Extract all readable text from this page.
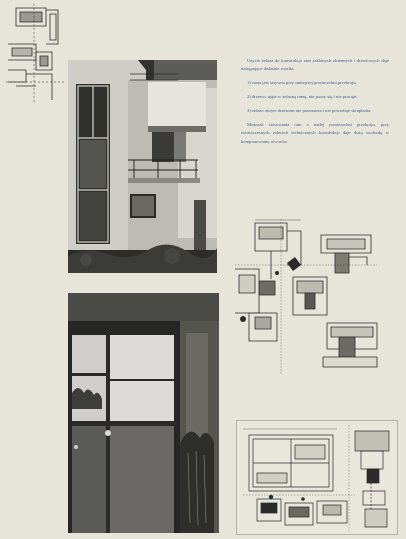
Użycie żelaza do konstrukcji ram szklonych okiennych i drzwiowych daje następujące dodatnie wyniki:

1) rama jest sztywna przy mniejszej powierzchni przekroju,

2) drzewo, ujęte w żelazną ramę, nie paczy się i nie pracuje,

3) żelazo okryte drzewem nie przemarza i nie powoduje skraplania.

Możność stosowania ram o małej powierzchni przekroju, przy równoczesnych zaletach technicznych konstrukcji daje dużą swobodę w komponowaniu otworów.
